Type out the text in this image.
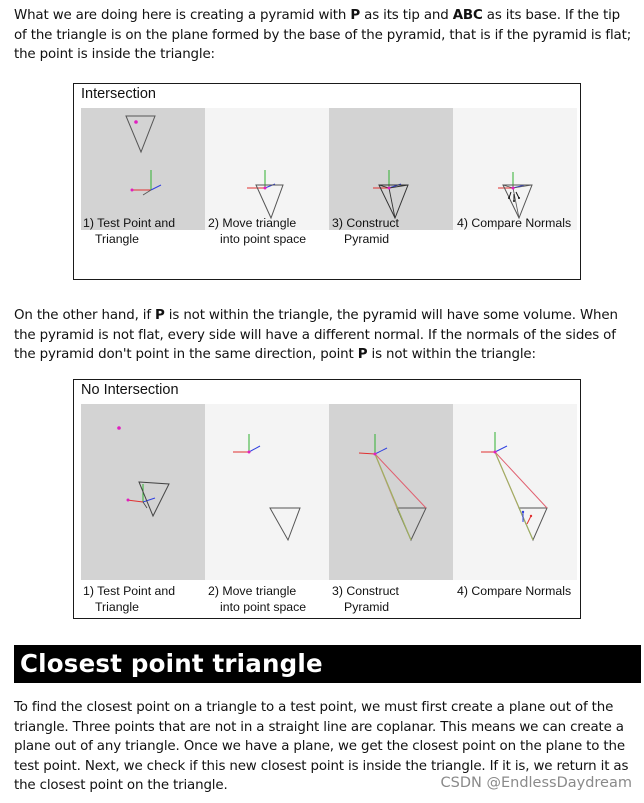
What we are doing here is creating a pyramid with P as its tip and ABC as its base. If the tip of the triangle is on the plane formed by the base of the pyramid, that is if the pyramid is flat; the point is inside the triangle:

Intersection
1) Test Point and
Triangle
2) Move triangle
into point space
3) Construct
Pyramid
4) Compare Normals

On the other hand, if P is not within the triangle, the pyramid will have some volume. When the pyramid is not flat, every side will have a different normal. If the normals of the sides of the pyramid don't point in the same direction, point P is not within the triangle:

No Intersection
1) Test Point and
Triangle
2) Move triangle
into point space
3) Construct
Pyramid
4) Compare Normals
Closest point triangle

To find the closest point on a triangle to a test point, we must first create a plane out of the triangle. Three points that are not in a straight line are coplanar. This means we can create a plane out of any triangle. Once we have a plane, we get the closest point on the plane to the test point. Next, we check if this new closest point is inside the triangle. If it is, we return it as the closest point on the triangle.	CSDN @EndlessDaydream
